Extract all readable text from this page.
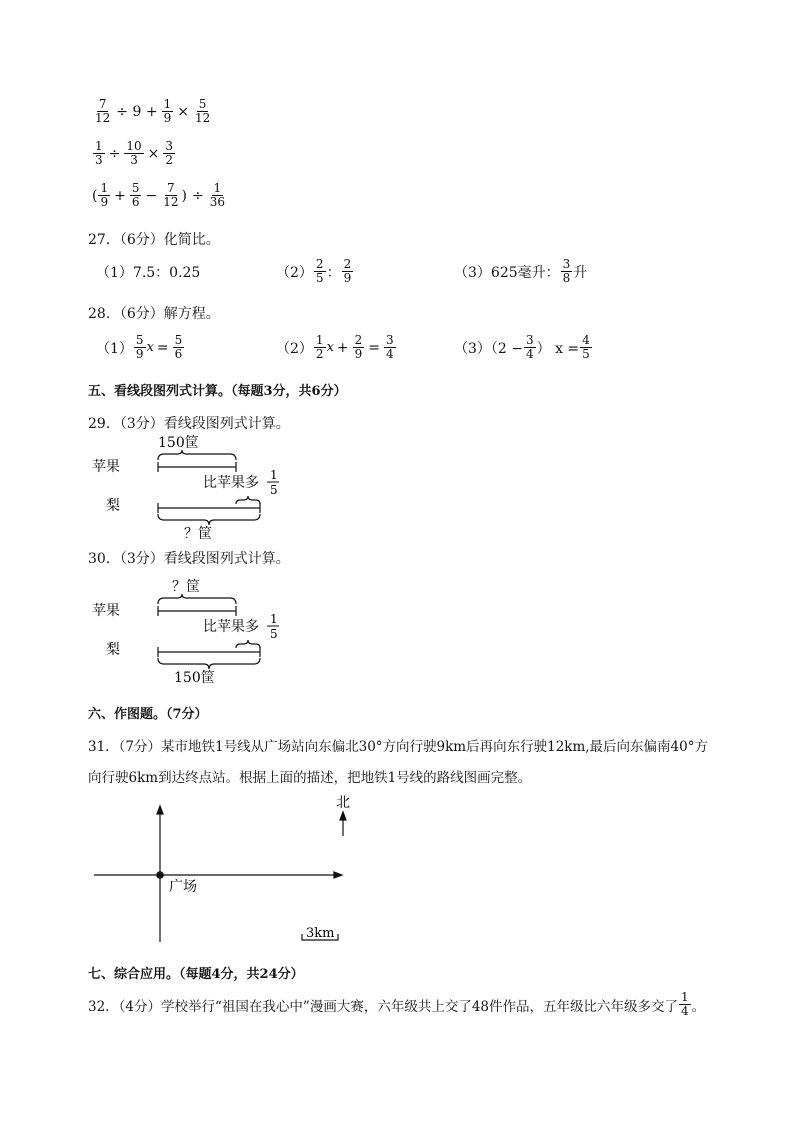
$\frac{7}{12} \div 9 + \frac{1}{9} \times \frac{5}{12}$
$\frac{1}{3} \div \frac{10}{3} \times \frac{3}{2}$
( $\frac{1}{9} + \frac{5}{6} - \frac{7}{12}$ ) ÷ $\frac{1}{36}$
27．（6分）化简比。
（1）7.5：0.25	$(2) \frac{2}{5}$ ： $\frac{2}{9}$	（3）625毫升： $\frac{3}{8}$ 升
28．（6分）解方程。
$(1) \frac{5}{9}$ $x = \frac{5}{6}$	$(2) \frac{1}{2}$ $x + \frac{2}{9} = \frac{3}{4}$	$(3)(2 - \frac{3}{4}$ ） $x = \frac{4}{5}$
五、看线段图列式计算。（每题3分，共6分）
29．（3分）看线段图列式计算。
150筐
苹果
梨
比苹果多 1
5
？筐
30．（3分）看线段图列式计算。
？筐
苹果
梨
比苹果多 1
5
150筐
六、作图题。（7分）
31．（7分）某市地铁1号线从广场站向东偏北30°方向行驶9km后再向东行驶12km,最后向东偏南40°方
向行驶6km到达终点站。根据上面的描述，把地铁1号线的路线图画完整。
北
广场
3km
七、综合应用。（每题4分，共24分）
32．（4分）学校举行“祖国在我心中”漫画大赛，六年级共上交了48件作品，五年级比六年级多交了 $\frac{1}{4}$ 。
